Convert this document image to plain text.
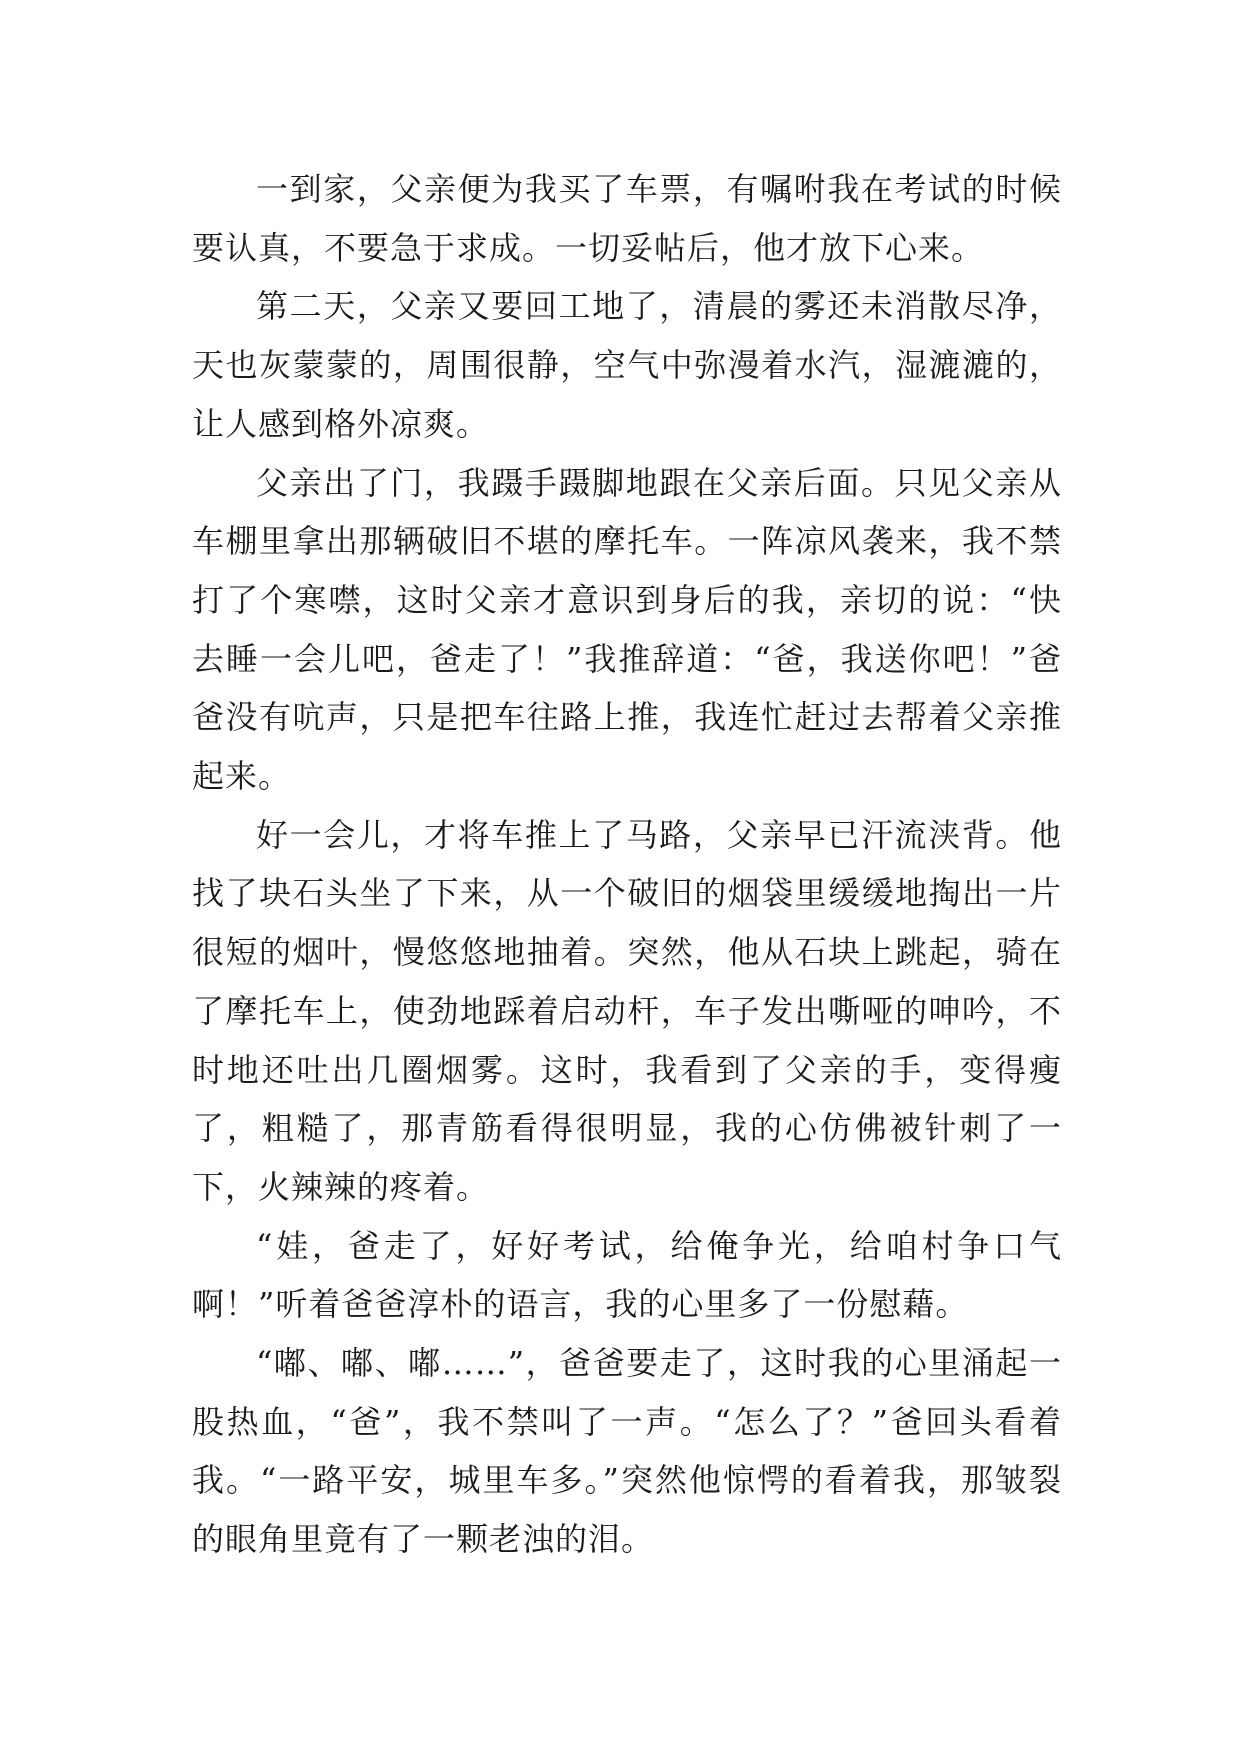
一到家，父亲便为我买了车票，有嘱咐我在考试的时候要认真，不要急于求成。一切妥帖后，他才放下心来。

第二天，父亲又要回工地了，清晨的雾还未消散尽净，天也灰蒙蒙的，周围很静，空气中弥漫着水汽，湿漉漉的，让人感到格外凉爽。

父亲出了门，我蹑手蹑脚地跟在父亲后面。只见父亲从车棚里拿出那辆破旧不堪的摩托车。一阵凉风袭来，我不禁打了个寒噤，这时父亲才意识到身后的我，亲切的说：“快去睡一会儿吧，爸走了！”我推辞道：“爸，我送你吧！”爸爸没有吭声，只是把车往路上推，我连忙赶过去帮着父亲推起来。

好一会儿，才将车推上了马路，父亲早已汗流浃背。他找了块石头坐了下来，从一个破旧的烟袋里缓缓地掏出一片很短的烟叶，慢悠悠地抽着。突然，他从石块上跳起，骑在了摩托车上，使劲地踩着启动杆，车子发出嘶哑的呻吟，不时地还吐出几圈烟雾。这时，我看到了父亲的手，变得瘦了，粗糙了，那青筋看得很明显，我的心仿佛被针刺了一下，火辣辣的疼着。

“娃，爸走了，好好考试，给俺争光，给咱村争口气啊！”听着爸爸淳朴的语言，我的心里多了一份慰藉。

“嘟、嘟、嘟……”，爸爸要走了，这时我的心里涌起一股热血，“爸”，我不禁叫了一声。“怎么了？”爸回头看着我。“一路平安，城里车多。”突然他惊愕的看着我，那皱裂的眼角里竟有了一颗老浊的泪。
